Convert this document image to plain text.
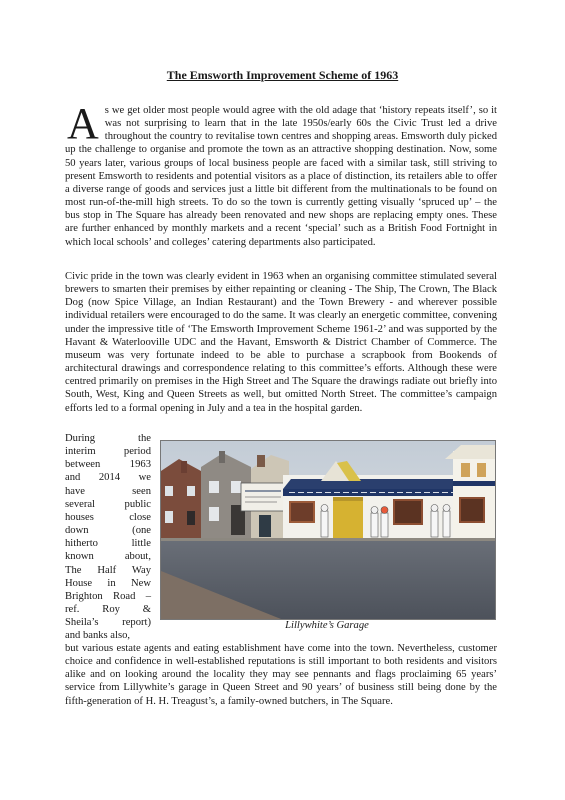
The Emsworth Improvement Scheme of 1963

As we get older most people would agree with the old adage that ‘history repeats itself’, so it was not surprising to learn that in the late 1950s/early 60s the Civic Trust led a drive throughout the country to revitalise town centres and shopping areas. Emsworth duly picked up the challenge to organise and promote the town as an attractive shopping destination. Now, some 50 years later, various groups of local business people are faced with a similar task, still striving to present Emsworth to residents and potential visitors as a place of distinction, its retailers able to offer a diverse range of goods and services just a little bit different from the multinationals to be found on most run-of-the-mill high streets. To do so the town is currently getting visually ‘spruced up’ – the bus stop in The Square has already been renovated and new shops are replacing empty ones. These are further enhanced by monthly markets and a recent ‘special’ such as a British Food Fortnight in which local schools’ and colleges’ catering departments also participated.

Civic pride in the town was clearly evident in 1963 when an organising committee stimulated several brewers to smarten their premises by either repainting or cleaning - The Ship, The Crown, The Black Dog (now Spice Village, an Indian Restaurant) and the Town Brewery - and wherever possible individual retailers were encouraged to do the same. It was clearly an energetic committee, convening under the impressive title of ‘The Emsworth Improvement Scheme 1961-2’ and was supported by the Havant & Waterlooville UDC and the Havant, Emsworth & District Chamber of Commerce. The museum was very fortunate indeed to be able to purchase a scrapbook from Bookends of architectural drawings and correspondence relating to this committee’s efforts. Although these were centred primarily on premises in the High Street and The Square the drawings radiate out briefly into South, West, King and Queen Streets as well, but omitted North Street. The committee’s campaign efforts led to a formal opening in July and a tea in the hospital garden.

During the
interim period
between 1963
and 2014 we
have seen
several public
houses close
down (one
hitherto little
known about,
The Half Way
House in New
Brighton Road –
ref. Roy &
Sheila’s report)
and banks also,
Lillywhite’s Garage

but various estate agents and eating establishment have come into the town. Nevertheless, customer choice and confidence in well-established reputations is still important to both residents and visitors alike and on looking around the locality they may see pennants and flags proclaiming 65 years’ service from Lillywhite’s garage in Queen Street and 90 years’ of business still being done by the fifth-generation of H. H. Treagust’s, a family-owned butchers, in The Square.
